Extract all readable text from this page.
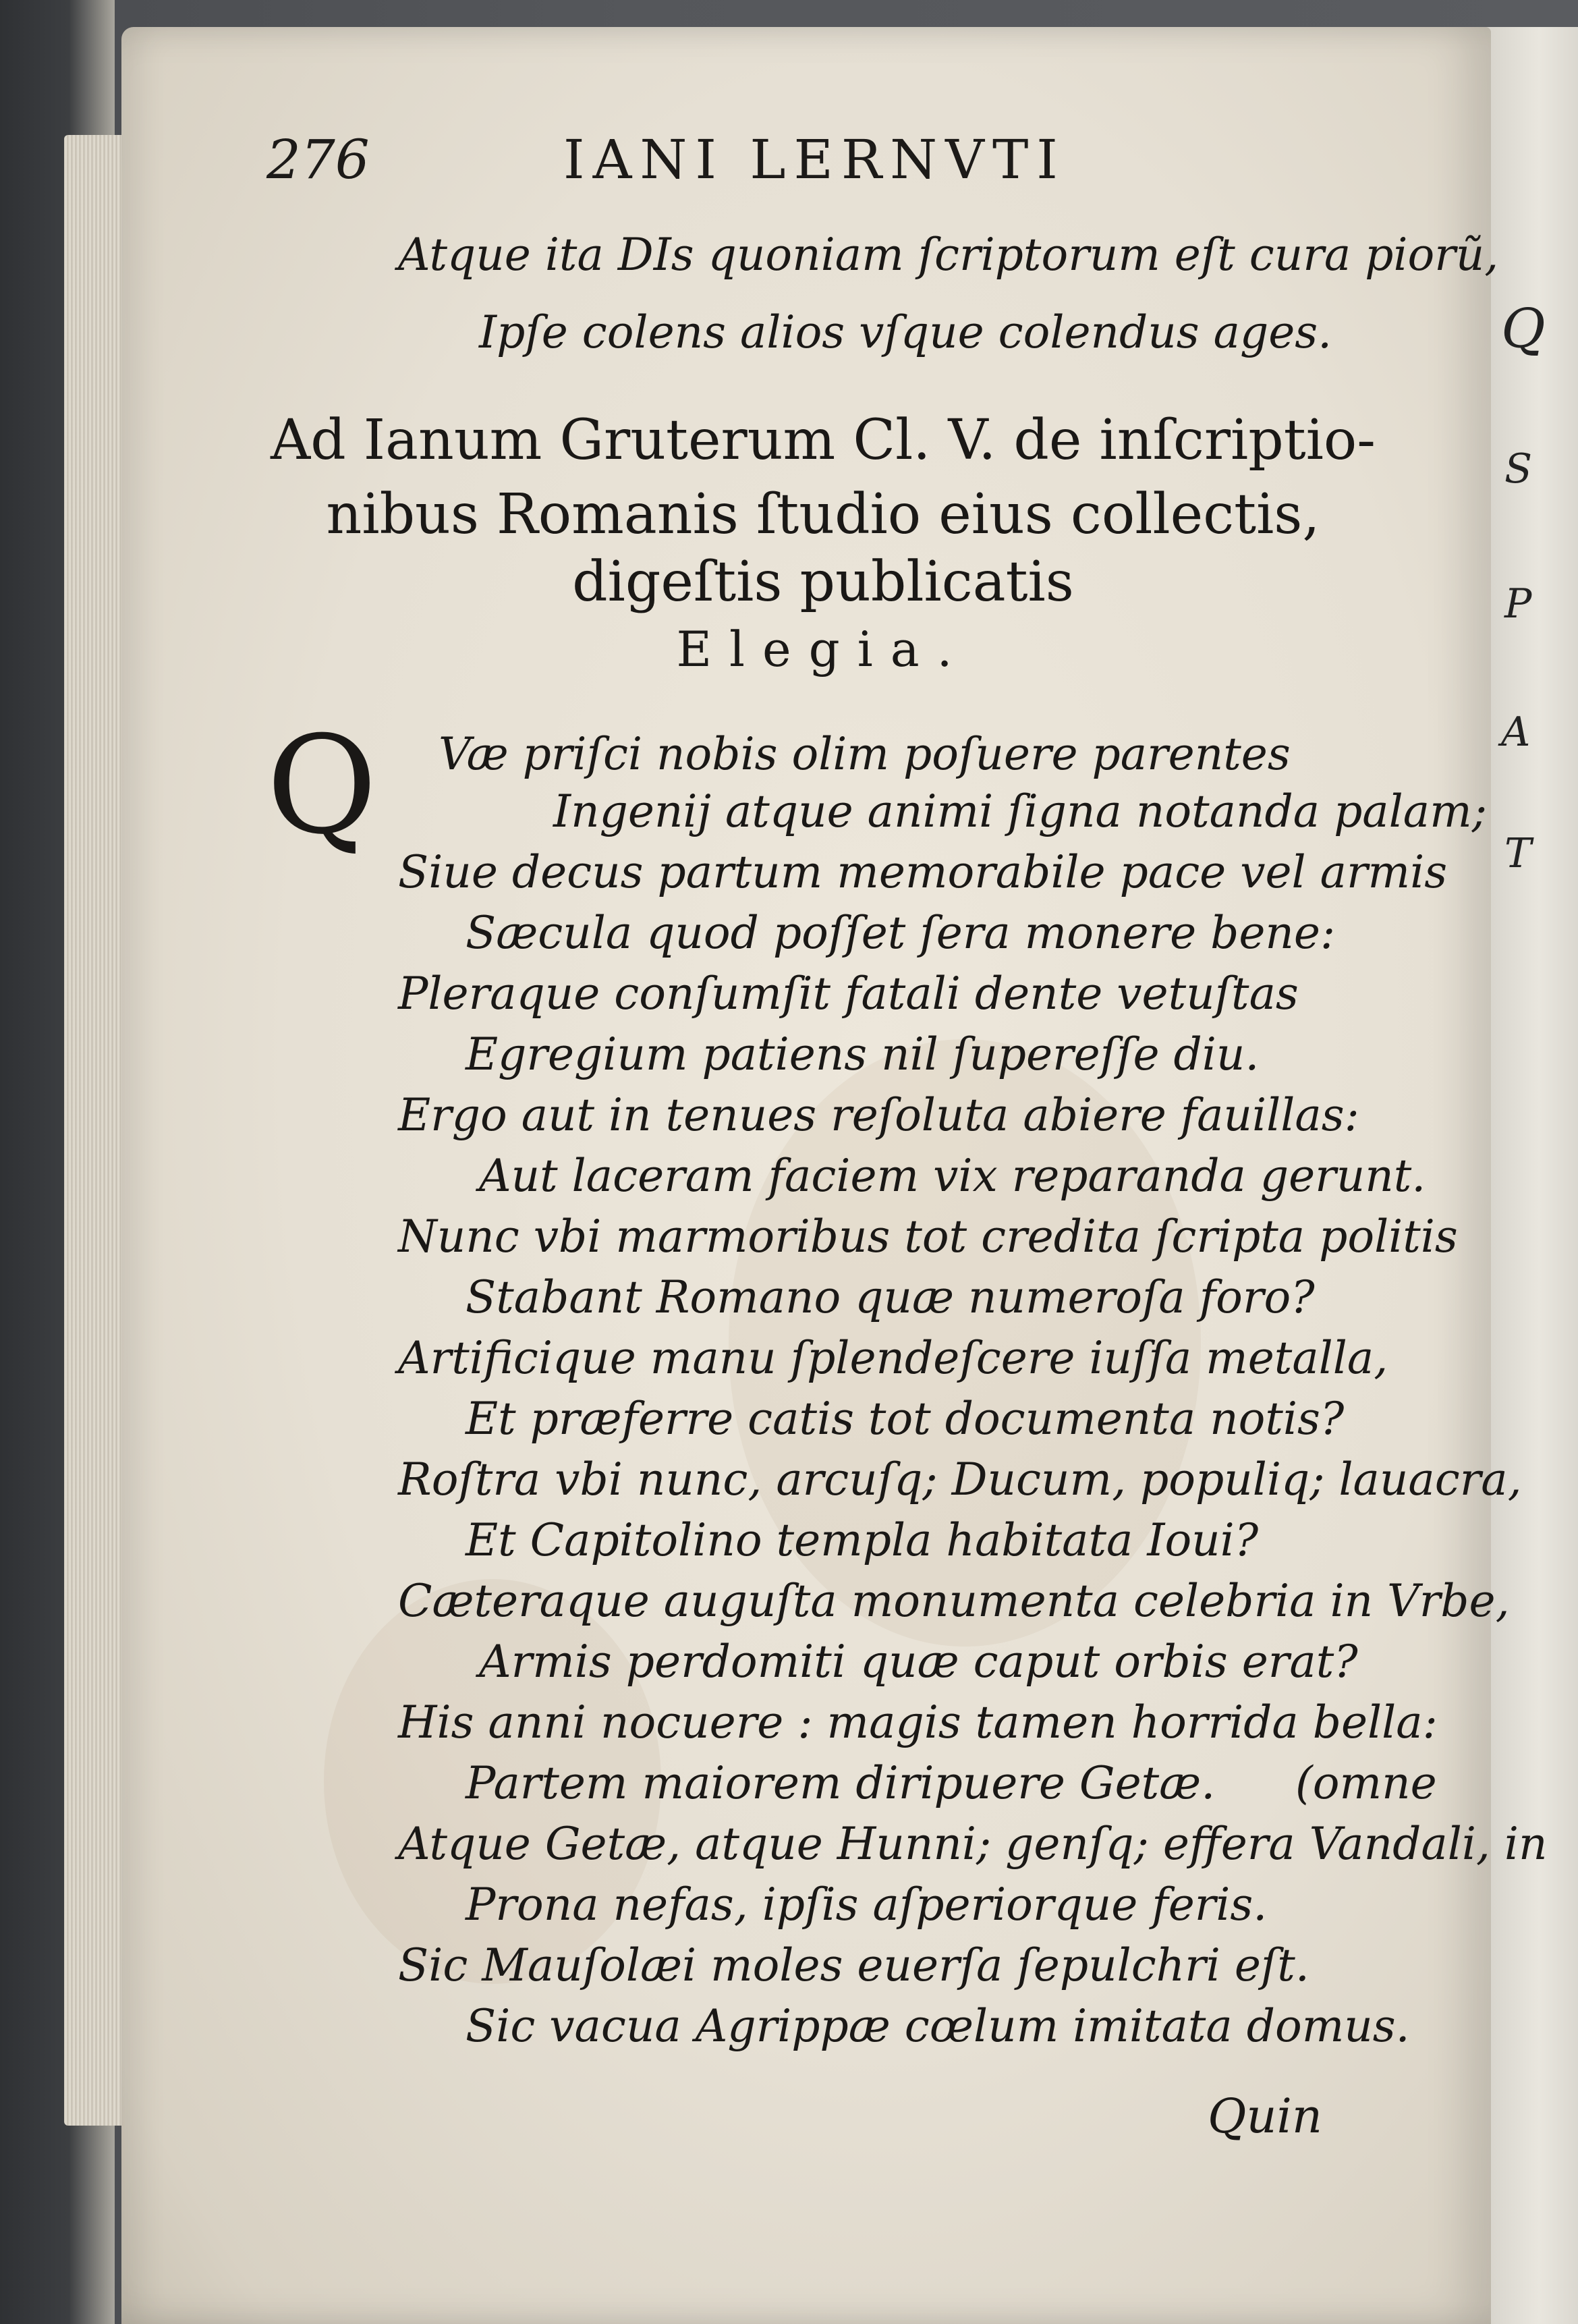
Q
S
P
A
T
276	IANI LERNVTI
Atque ita DIs quoniam ſcriptorum eſt cura piorũ,
Ipſe colens alios vſque colendus ages.
Ad Ianum Gruterum Cl. V. de inſcriptio-
nibus Romanis ſtudio eius collectis,
digeſtis publicatis
Elegia.
Q Væ priſci nobis olim poſuere parentes
Ingenij atque animi ſigna notanda palam;
Siue decus partum memorabile pace vel armis
Sæcula quod poſſet ſera monere bene:
Pleraque conſumſit fatali dente vetuſtas
Egregium patiens nil ſupereſſe diu.
Ergo aut in tenues reſoluta abiere fauillas:
Aut laceram faciem vix reparanda gerunt.
Nunc vbi marmoribus tot credita ſcripta politis
Stabant Romano quæ numeroſa foro?
Artificique manu ſplendeſcere iuſſa metalla,
Et præferre catis tot documenta notis?
Roſtra vbi nunc, arcuſq; Ducum, populiq; lauacra,
Et Capitolino templa habitata Ioui?
Cæteraque auguſta monumenta celebria in Vrbe,
Armis perdomiti quæ caput orbis erat?
His anni nocuere : magis tamen horrida bella:
Partem maiorem diripuere Getæ.	(omne
Atque Getæ, atque Hunni; genſq; effera Vandali, in
Prona nefas, ipſis aſperiorque feris.
Sic Mauſolæi moles euerſa ſepulchri eſt.
Sic vacua Agrippæ cœlum imitata domus.
Quin
